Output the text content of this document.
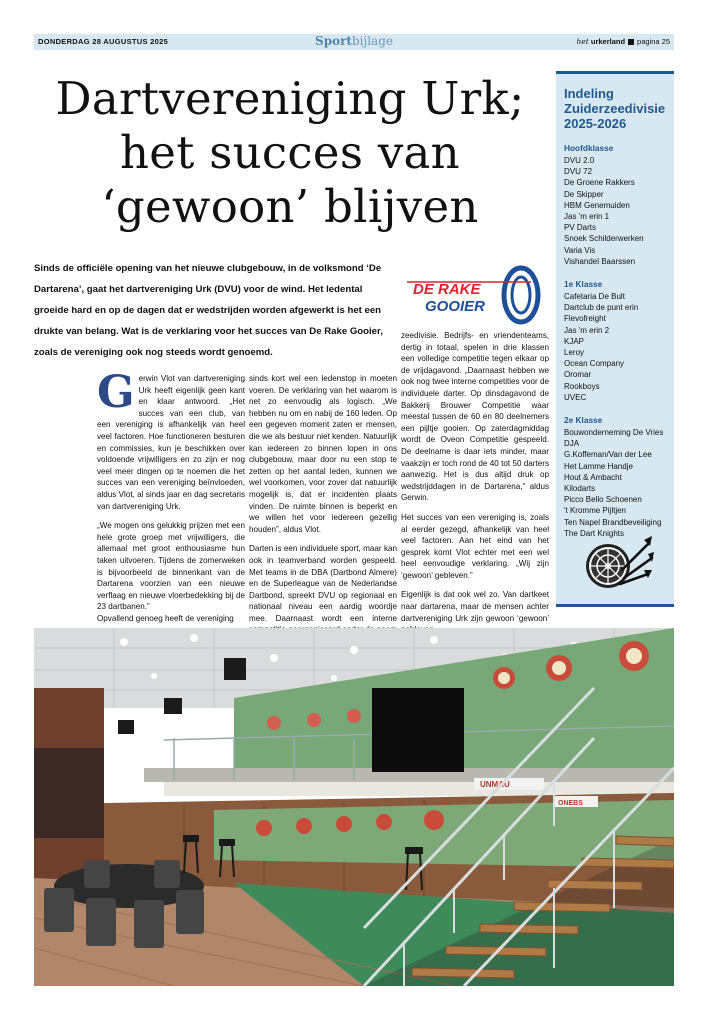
DONDERDAG 28 AUGUSTUS 2025	Sportbijlage	het urkerland pagina 25
Dartvereniging Urk;
het succes van
‘gewoon’ blijven

Sinds de officiële opening van het nieuwe clubgebouw, in de volksmond ‘De Dartarena’, gaat het dartvereniging Urk (DVU) voor de wind. Het ledental groeide hard en op de dagen dat er wedstrijden worden afgewerkt is het een drukte van belang. Wat is de verklaring voor het succes van De Rake Gooier, zoals de vereniging ook nog steeds wordt genoemd.

DE RAKE
GOOIER

Gerwin Vlot van dartvereniging Urk heeft eigenlijk geen kant en klaar antwoord. „Het succes van een club, van een vereniging is afhankelijk van heel veel factoren. Hoe functioneren besturen en commissies, kun je beschikken over voldoende vrijwilligers en zo zijn er nog veel meer dingen op te noemen die het succes van een vereniging beïnvloeden, aldus Vlot, al sinds jaar en dag secretaris van dartvereniging Urk.

„We mogen ons gelukkig prijzen met een hele grote groep met vrijwilligers, die allemaal met groot enthousiasme hun taken uitvoeren. Tijdens de zomerweken is bijvoorbeeld de binnenkant van de Dartarena voorzien van een nieuwe verflaag en nieuwe vloerbedekking bij de 23 dartbanen.”

Opvallend genoeg heeft de vereniging

sinds kort wel een ledenstop in moeten voeren. De verklaring van het waarom is net zo eenvoudig als logisch. „We hebben nu om en nabij de 160 leden. Op een gegeven moment zaten er mensen, die we als bestuur niet kenden. Natuurlijk kan iedereen zo binnen lopen in ons clubgebouw, maar door nu een stop te zetten op het aantal leden, kunnen we wel voorkomen, voor zover dat natuurlijk mogelijk is, dat er incidenten plaats vinden. De ruimte binnen is beperkt en we willen het voor iedereen gezellig houden”, aldus Vlot.

Darten is een individuele sport, maar kan ook in teamverband worden gespeeld. Met teams in de DBA (Dartbond Almere) en de Superleague van de Nederlandse Dartbond, spreekt DVU op regionaal en nationaal niveau een aardig woordje mee. Daarnaast wordt een interne

zeedivisie. Bedrijfs- en vriendenteams, dertig in totaal, spelen in drie klassen een volledige competitie tegen elkaar op de vrijdagavond. „Daarnaast hebben we ook nog twee interne competities voor de individuele darter. Op dinsdagavond de Bakkerij Brouwer Competitie waar meestal tussen de 60 en 80 deelnemers een pijltje gooien. Op zaterdagmiddag wordt de Oveon Competitie gespeeld. De deelname is daar iets minder, maar vaakzijn er toch rond de 40 tot 50 darters aanwezig. Het is dus altijd druk op wedstrijddagen in de Dartarena,” aldus Gerwin.

Het succes van een vereniging is, zoals al eerder gezegd, afhankelijk van heel veel factoren. Aan het eind van het gesprek komt Vlot echter met een wel heel eenvoudige verklaring. „Wij zijn ‘gewoon’ gebleven.”

Eigenlijk is dat ook wel zo. Van dartkeet naar dartarena, maar de mensen achter dartvereniging Urk zijn gewoon ‘gewoon’

Indeling
Zuiderzeedivisie
2025-2026
Hoofdklasse
DVU 2.0
DVU 72
De Groene Rakkers
De Skipper
HBM Genemuiden
Jas 'm erin 1
PV Darts
Snoek Schilderwerken
Varia Vis
Vishandel Baarssen
1e Klasse
Cafetaria De Bult
Dartclub de punt erin
Flevofreight
Jas 'm erin 2
KJAP
Leroy
Ocean Company
Oromar
Rookboys
UVEC
2e Klasse
Bouwonderneming De Vries
DJA
G.Koffeman/Van der Lee
Het Lamme Handje
Hout & Ambacht
Kilodarts
Picco Bello Schoenen
't Kromme Pijltjen
Ten Napel Brandbeveiliging
The Dart Knights
UNMAU
ONEBS
